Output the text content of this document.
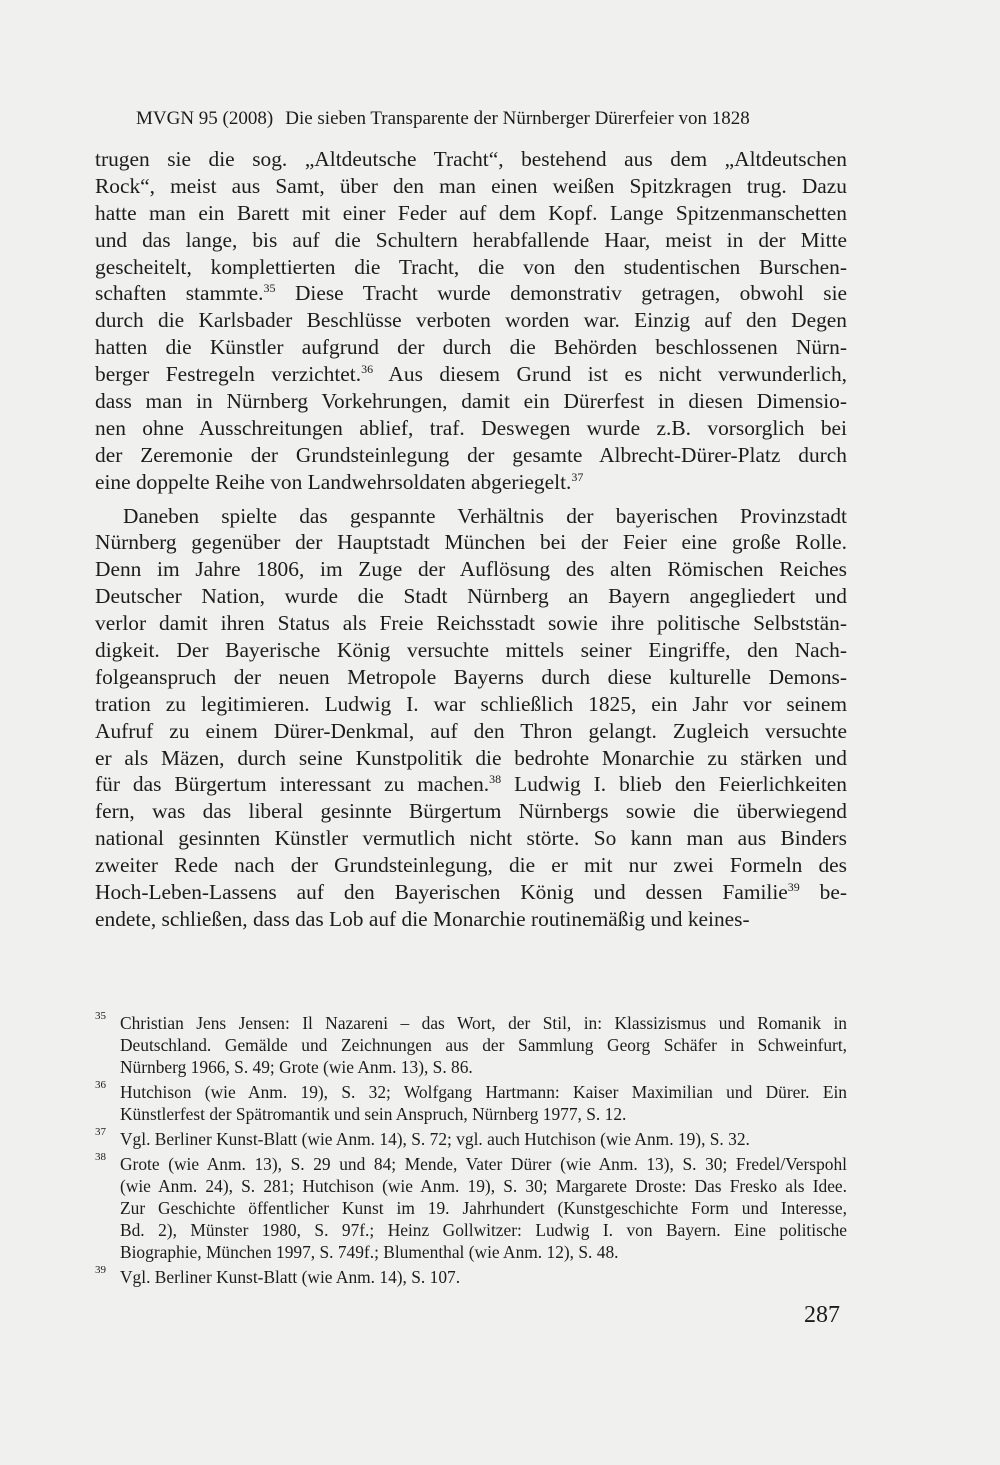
MVGN 95 (2008) Die sieben Transparente der Nürnberger Dürerfeier von 1828
trugen sie die sog. „Altdeutsche Tracht“, bestehend aus dem „Altdeutschen
Rock“, meist aus Samt, über den man einen weißen Spitzkragen trug. Dazu
hatte man ein Barett mit einer Feder auf dem Kopf. Lange Spitzenmanschetten
und das lange, bis auf die Schultern herabfallende Haar, meist in der Mitte
gescheitelt, komplettierten die Tracht, die von den studentischen Burschen-
schaften stammte.$^{35}$ Diese Tracht wurde demonstrativ getragen, obwohl sie
durch die Karlsbader Beschlüsse verboten worden war. Einzig auf den Degen
hatten die Künstler aufgrund der durch die Behörden beschlossenen Nürn-
berger Festregeln verzichtet.$^{36}$ Aus diesem Grund ist es nicht verwunderlich,
dass man in Nürnberg Vorkehrungen, damit ein Dürerfest in diesen Dimensio-
nen ohne Ausschreitungen ablief, traf. Deswegen wurde z.B. vorsorglich bei
der Zeremonie der Grundsteinlegung der gesamte Albrecht-Dürer-Platz durch
eine doppelte Reihe von Landwehrsoldaten abgeriegelt.$^{37}$
Daneben spielte das gespannte Verhältnis der bayerischen Provinzstadt
Nürnberg gegenüber der Hauptstadt München bei der Feier eine große Rolle.
Denn im Jahre 1806, im Zuge der Auflösung des alten Römischen Reiches
Deutscher Nation, wurde die Stadt Nürnberg an Bayern angegliedert und
verlor damit ihren Status als Freie Reichsstadt sowie ihre politische Selbststän-
digkeit. Der Bayerische König versuchte mittels seiner Eingriffe, den Nach-
folgeanspruch der neuen Metropole Bayerns durch diese kulturelle Demons-
tration zu legitimieren. Ludwig I. war schließlich 1825, ein Jahr vor seinem
Aufruf zu einem Dürer-Denkmal, auf den Thron gelangt. Zugleich versuchte
er als Mäzen, durch seine Kunstpolitik die bedrohte Monarchie zu stärken und
für das Bürgertum interessant zu machen.$^{38}$ Ludwig I. blieb den Feierlichkeiten
fern, was das liberal gesinnte Bürgertum Nürnbergs sowie die überwiegend
national gesinnten Künstler vermutlich nicht störte. So kann man aus Binders
zweiter Rede nach der Grundsteinlegung, die er mit nur zwei Formeln des
Hoch-Leben-Lassens auf den Bayerischen König und dessen Familie$^{39}$ be-
endete, schließen, dass das Lob auf die Monarchie routinemäßig und keines-
35 Christian Jens Jensen: Il Nazareni – das Wort, der Stil, in: Klassizismus und Romanik in
Deutschland. Gemälde und Zeichnungen aus der Sammlung Georg Schäfer in Schweinfurt,
Nürnberg 1966, S. 49; Grote (wie Anm. 13), S. 86.
36 Hutchison (wie Anm. 19), S. 32; Wolfgang Hartmann: Kaiser Maximilian und Dürer. Ein
Künstlerfest der Spätromantik und sein Anspruch, Nürnberg 1977, S. 12.
37 Vgl. Berliner Kunst-Blatt (wie Anm. 14), S. 72; vgl. auch Hutchison (wie Anm. 19), S. 32.
38 Grote (wie Anm. 13), S. 29 und 84; Mende, Vater Dürer (wie Anm. 13), S. 30; Fredel/Verspohl
(wie Anm. 24), S. 281; Hutchison (wie Anm. 19), S. 30; Margarete Droste: Das Fresko als Idee.
Zur Geschichte öffentlicher Kunst im 19. Jahrhundert (Kunstgeschichte Form und Interesse,
Bd. 2), Münster 1980, S. 97f.; Heinz Gollwitzer: Ludwig I. von Bayern. Eine politische
Biographie, München 1997, S. 749f.; Blumenthal (wie Anm. 12), S. 48.
39 Vgl. Berliner Kunst-Blatt (wie Anm. 14), S. 107.
287
